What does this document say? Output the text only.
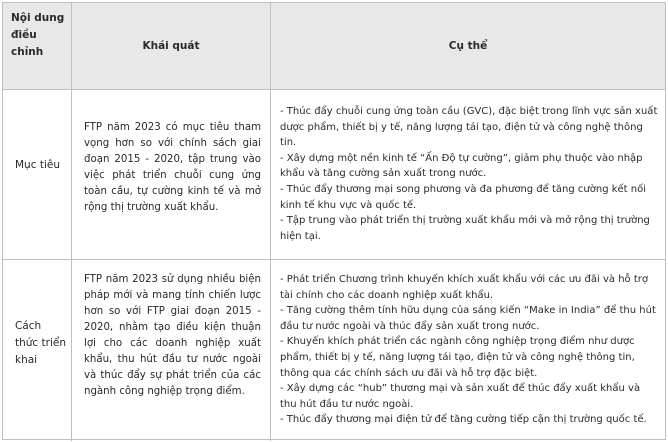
Nội dung điều chỉnh	Khái quát	Cụ thể
Mục tiêu
FTP năm 2023 có mục tiêu tham vọng hơn so với chính sách giai đoạn 2015 - 2020, tập trung vào việc phát triển chuỗi cung ứng toàn cầu, tự cường kinh tế và mở rộng thị trường xuất khẩu.

- Thúc đẩy chuỗi cung ứng toàn cầu (GVC), đặc biệt trong lĩnh vực sản xuất dược phẩm, thiết bị y tế, năng lượng tái tạo, điện tử và công nghệ thông tin.

- Xây dựng một nền kinh tế “Ấn Độ tự cường”, giảm phụ thuộc vào nhập khẩu và tăng cường sản xuất trong nước.

- Thúc đẩy thương mại song phương và đa phương để tăng cường kết nối kinh tế khu vực và quốc tế.

- Tập trung vào phát triển thị trường xuất khẩu mới và mở rộng thị trường hiện tại.

Cách thức triển khai
FTP năm 2023 sử dụng nhiều biện pháp mới và mang tính chiến lược hơn so với FTP giai đoạn 2015 - 2020, nhằm tạo điều kiện thuận lợi cho các doanh nghiệp xuất khẩu, thu hút đầu tư nước ngoài và thúc đẩy sự phát triển của các ngành công nghiệp trọng điểm.

- Phát triển Chương trình khuyến khích xuất khẩu với các ưu đãi và hỗ trợ tài chính cho các doanh nghiệp xuất khẩu.

- Tăng cường thêm tính hữu dụng của sáng kiến “Make in India” để thu hút đầu tư nước ngoài và thúc đẩy sản xuất trong nước.

- Khuyến khích phát triển các ngành công nghiệp trọng điểm như dược phẩm, thiết bị y tế, năng lượng tái tạo, điện tử và công nghệ thông tin, thông qua các chính sách ưu đãi và hỗ trợ đặc biệt.

- Xây dựng các “hub” thương mại và sản xuất để thúc đẩy xuất khẩu và thu hút đầu tư nước ngoài.

- Thúc đẩy thương mại điện tử để tăng cường tiếp cận thị trường quốc tế.
